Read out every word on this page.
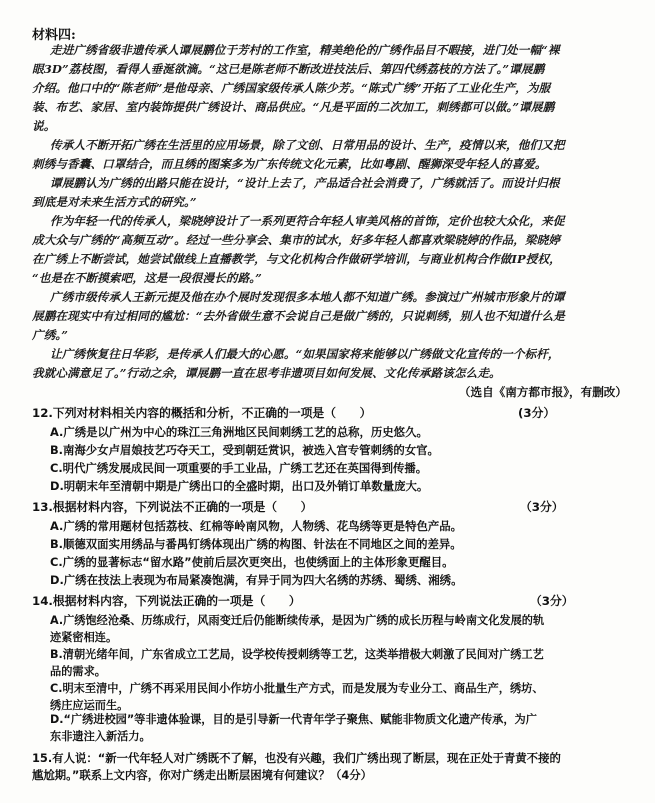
材料四:
走进广绣省级非遗传承人谭展鹏位于芳村的工作室，精美绝伦的广绣作品目不暇接，进门处一幅“裸
眼3D”荔枝图，看得人垂涎欲滴。“这已是陈老师不断改进技法后、第四代绣荔枝的方法了。”谭展鹏
介绍。他口中的“陈老师”是他母亲、广绣国家级传承人陈少芳。“陈式广绣”开拓了工业化生产，为服
装、布艺、家居、室内装饰提供广绣设计、商品供应。“凡是平面的二次加工，刺绣都可以做。”谭展鹏
说。
传承人不断开拓广绣在生活里的应用场景，除了文创、日常用品的设计、生产，疫情以来，他们又把
刺绣与香囊、口罩结合，而且绣的图案多为广东传统文化元素，比如粤剧、醒狮深受年轻人的喜爱。
谭展鹏认为广绣的出路只能在设计，“设计上去了，产品适合社会消费了，广绣就活了。而设计归根
到底是对未来生活方式的研究。”
作为年轻一代的传承人，梁晓婷设计了一系列更符合年轻人审美风格的首饰，定价也较大众化，来促
成大众与广绣的“高频互动”。经过一些分享会、集市的试水，好多年轻人都喜欢梁晓婷的作品，梁晓婷
在广绣上不断尝试，她尝试做线上直播教学，与文化机构合作做研学培训，与商业机构合作做IP授权，
“也是在不断摸索吧，这是一段很漫长的路。”
广绣市级传承人王新元提及他在办个展时发现很多本地人都不知道广绣。参演过广州城市形象片的谭
展鹏在现实中有过相同的尴尬：“去外省做生意不会说自己是做广绣的，只说刺绣，别人也不知道什么是
广绣。”
让广绣恢复往日华彩，是传承人们最大的心愿。“如果国家将来能够以广绣做文化宣传的一个标杆，
我就心满意足了。”行动之余，谭展鹏一直在思考非遗项目如何发展、文化传承路该怎么走。
（选自《南方都市报》，有删改）
12.下列对材料相关内容的概括和分析，不正确的一项是（　　）	(3分）
A.广绣是以广州为中心的珠江三角洲地区民间刺绣工艺的总称，历史悠久。
B.南海少女卢眉娘技艺巧夺天工，受到朝廷赏识，被选入宫专管刺绣的女官。
C.明代广绣发展成民间一项重要的手工业品，广绣工艺还在英国得到传播。
D.明朝末年至清朝中期是广绣出口的全盛时期，出口及外销订单数量庞大。
13.根据材料内容，下列说法不正确的一项是（　　）	（3分）
A.广绣的常用题材包括荔枝、红棉等岭南风物，人物绣、花鸟绣等更是特色产品。
B.顺德双面实用绣品与番禺钉绣体现出广绣的构图、针法在不同地区之间的差异。
C.广绣的显著标志“留水路”使前后层次更突出，也使绣面上的主体形象更醒目。
D.广绣在技法上表现为布局紧凑饱满，有异于同为四大名绣的苏绣、蜀绣、湘绣。
14.根据材料内容，下列说法正确的一项是（　　）	（3分）
A.广绣饱经沧桑、历练成行，风雨变迁后仍能断续传承，是因为广绣的成长历程与岭南文化发展的轨
迹紧密相连。
B.清朝光绪年间，广东省成立工艺局，设学校传授刺绣等工艺，这类举措极大刺激了民间对广绣工艺
品的需求。
C.明末至清中，广绣不再采用民间小作坊小批量生产方式，而是发展为专业分工、商品生产，绣坊、
绣庄应运而生。
D.“广绣进校园”等非遗体验课，目的是引导新一代青年学子聚焦、赋能非物质文化遗产传承，为广
东非遗注入新活力。
15.有人说：“新一代年轻人对广绣既不了解，也没有兴趣，我们广绣出现了断层，现在正处于青黄不接的
尴尬期。”联系上文内容，你对广绣走出断层困境有何建议？（4分）
